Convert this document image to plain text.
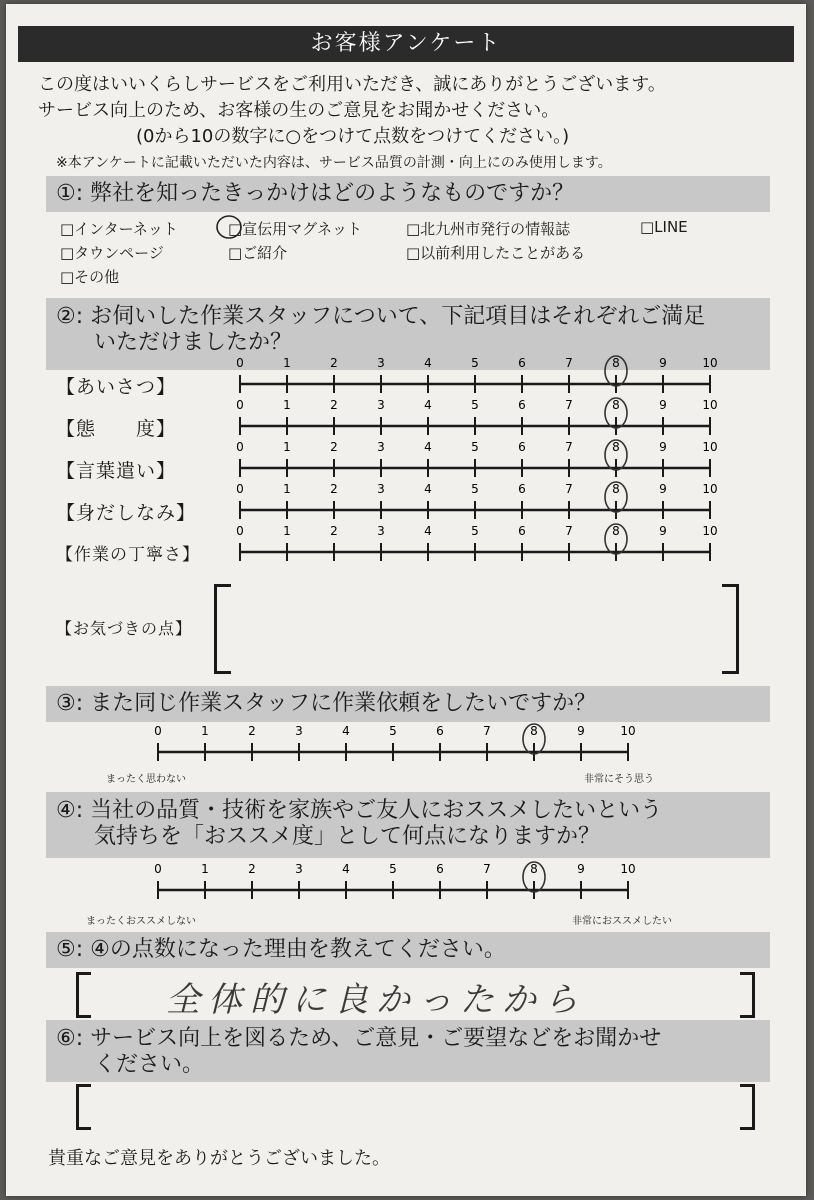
お客様アンケート
この度はいいくらしサービスをご利用いただき、誠にありがとうございます。
サービス向上のため、お客様の生のご意見をお聞かせください。
(0から10の数字に○をつけて点数をつけてください。)
※本アンケートに記載いただいた内容は、サービス品質の計測・向上にのみ使用します。
①: 弊社を知ったきっかけはどのようなものですか？
□インターネット	□宣伝用マグネット	□北九州市発行の情報誌	□LINE
□タウンページ	□ご紹介	□以前利用したことがある
□その他
②: お伺いした作業スタッフについて、下記項目はそれぞれご満足
いただけましたか？
【あいさつ】
【態　　度】
【言葉遣い】
【身だしなみ】
【作業の丁寧さ】
0	1	2	3	4	5	6	7	8	9	10
0	1	2	3	4	5	6	7	8	9	10
0	1	2	3	4	5	6	7	8	9	10
0	1	2	3	4	5	6	7	8	9	10
0	1	2	3	4	5	6	7	8	9	10
【お気づきの点】
③: また同じ作業スタッフに作業依頼をしたいですか？
0	1	2	3	4	5	6	7	8	9	10
まったく思わない	非常にそう思う
④: 当社の品質・技術を家族やご友人におススメしたいという
気持ちを「おススメ度」として何点になりますか？
0	1	2	3	4	5	6	7	8	9	10
まったくおススメしない	非常におススメしたい
⑤: ④の点数になった理由を教えてください。
全体的に良かったから
⑥: サービス向上を図るため、ご意見・ご要望などをお聞かせ
ください。
貴重なご意見をありがとうございました。
